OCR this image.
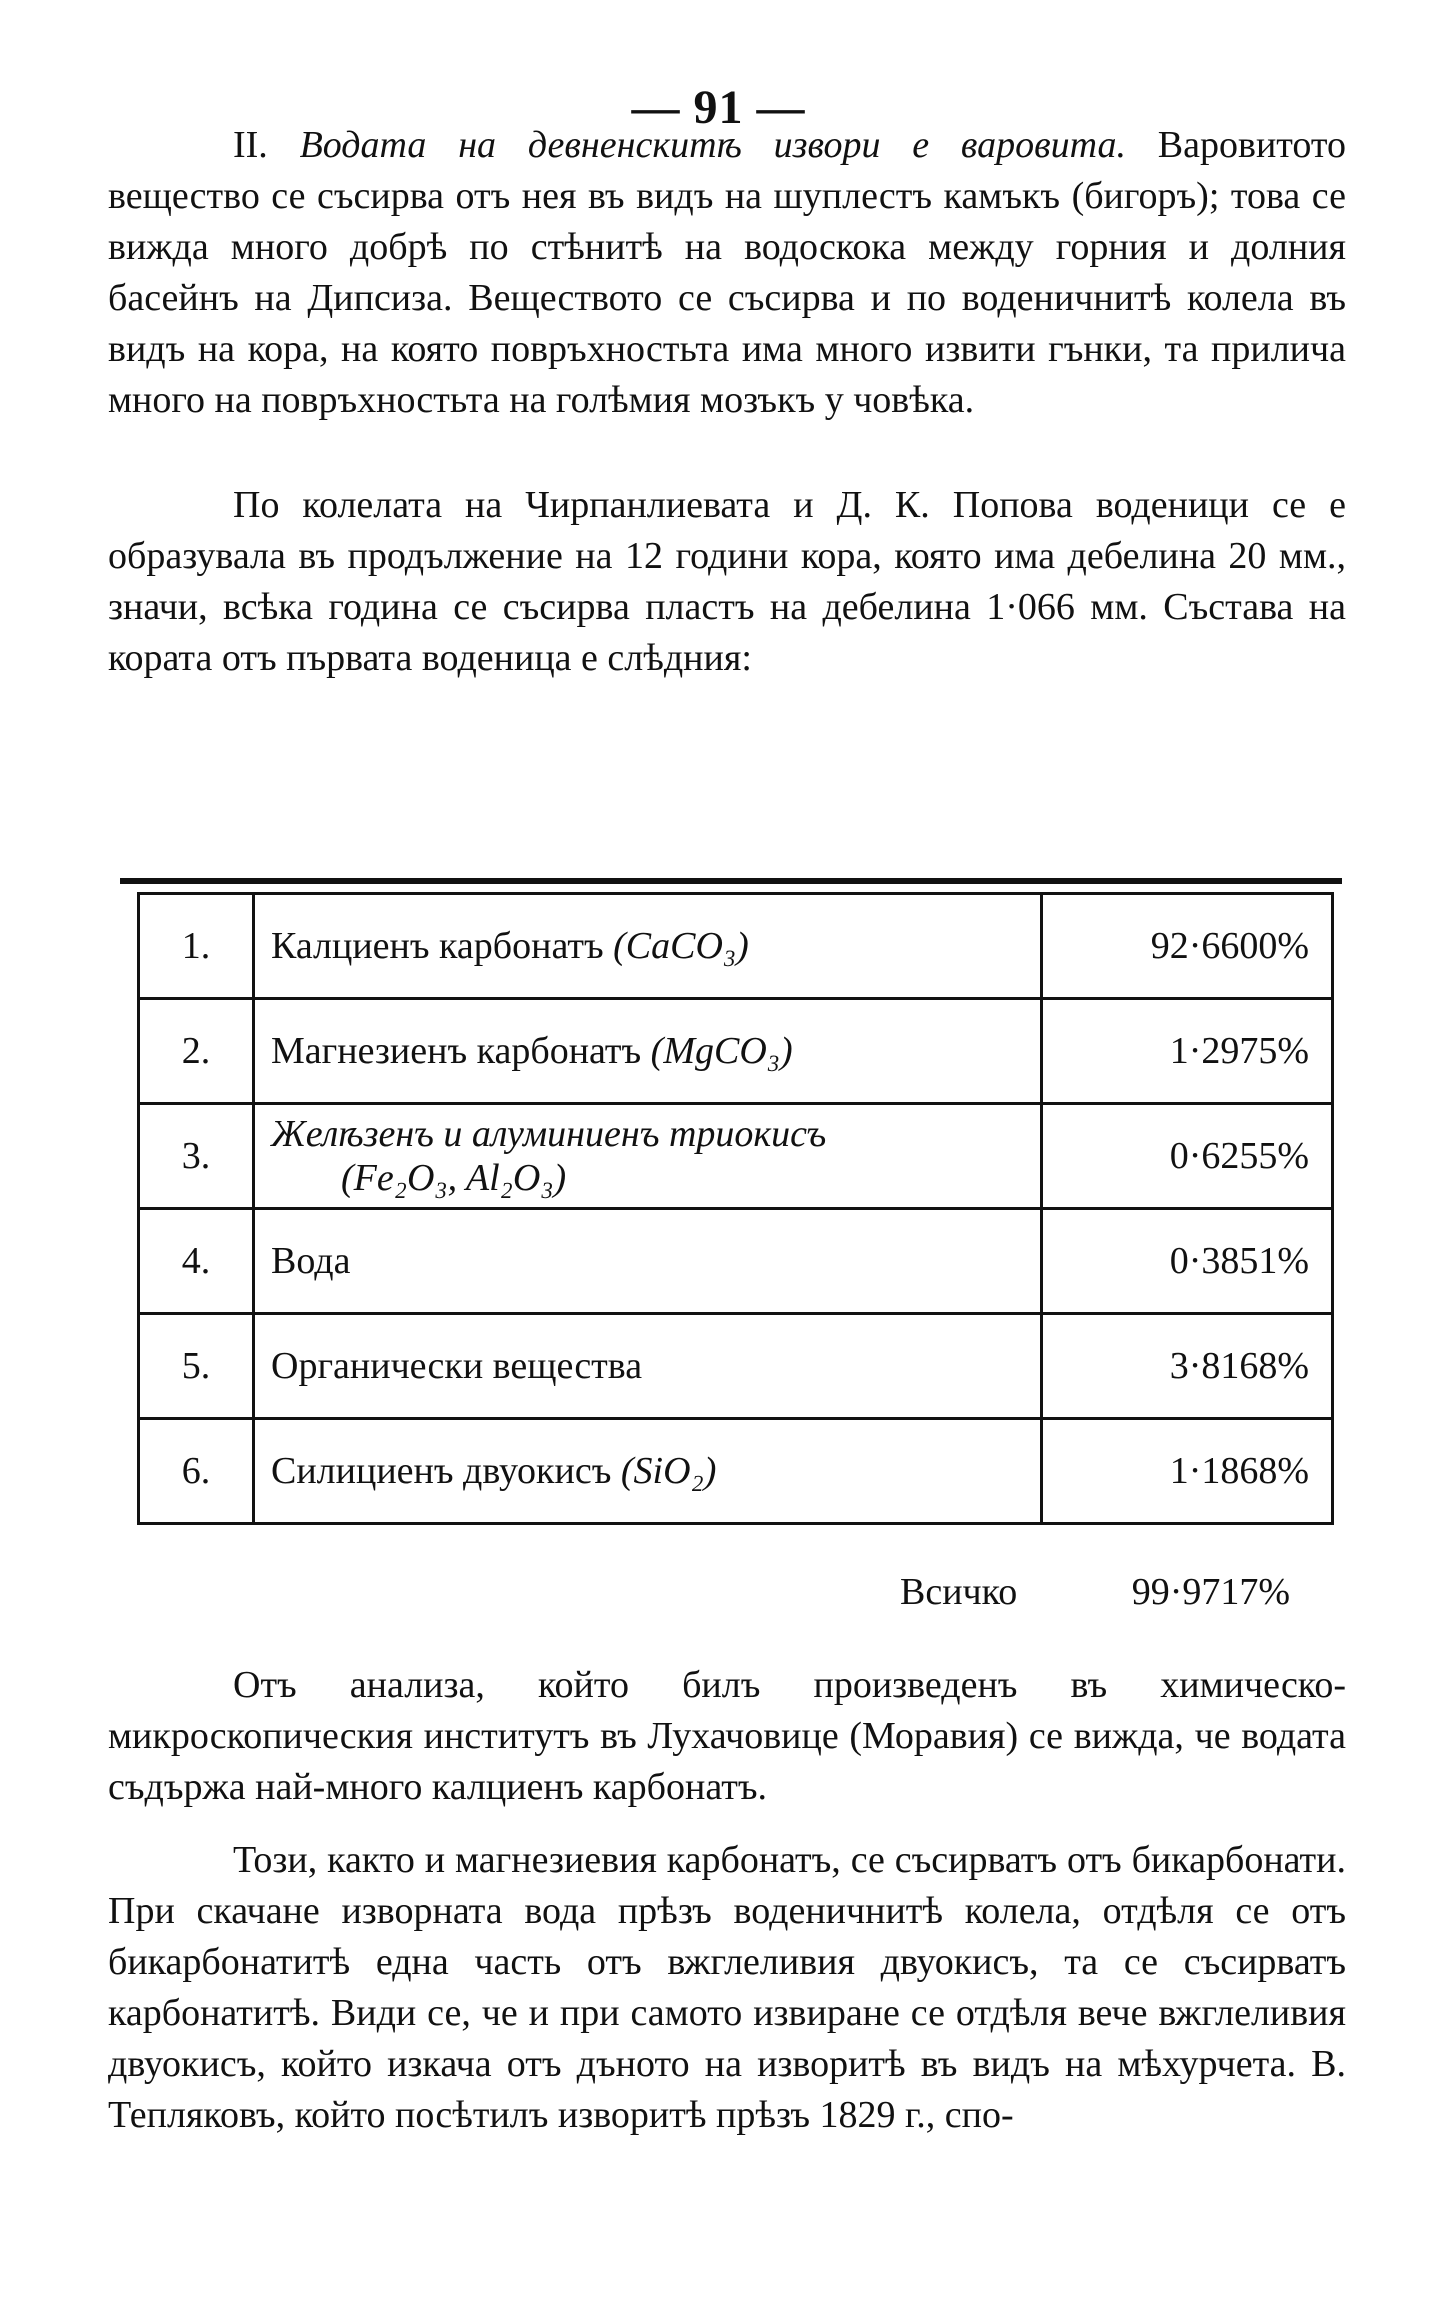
— 91 —

II. Водата на девненскитѣ извори е варовита. Варовитото вещество се съсирва отъ нея въ видъ на шуплестъ камъкъ (бигоръ); това се вижда много добрѣ по стѣнитѣ на водоскока между горния и долния басейнъ на Дипсиза. Веществото се съсирва и по воденичнитѣ колела въ видъ на кора, на която повръхностьта има много извити гънки, та прилича много на повръхностьта на голѣмия мозъкъ у човѣка.

По колелата на Чирпанлиевата и Д. К. Попова воденици се е образувала въ продължение на 12 години кора, която има дебелина 20 мм., значи, всѣка година се съсирва пластъ на дебелина 1·066 мм. Състава на кората отъ първата воденица е слѣдния:

1.	Калциенъ карбонатъ (CaCO₃)	92·6600%
2.	Магнезиенъ карбонатъ (MgCO₃)	1·2975%
3.	Желѣзенъ и алуминиенъ триокисъ
(Fe₂O₃, Al₂O₃)	0·6255%
4.	Вода	0·3851%
5.	Органически вещества	3·8168%
6.	Силициенъ двуокисъ (SiO₂)	1·1868%
Всичко	99·9717%

Отъ анализа, който билъ произведенъ въ химическо-микроскопическия институтъ въ Лухачовице (Моравия) се вижда, че водата съдържа най-много калциенъ карбонатъ.

Този, както и магнезиевия карбонатъ, се съсирватъ отъ бикарбонати. При скачане изворната вода прѣзъ воденичнитѣ колела, отдѣля се отъ бикарбонатитѣ една часть отъ вжглеливия двуокисъ, та се съсирватъ карбонатитѣ. Види се, че и при самото извиране се отдѣля вече вжглеливия двуокисъ, който изкача отъ дъното на изворитѣ въ видъ на мѣхурчета. В. Тепляковъ, който посѣтилъ изворитѣ прѣзъ 1829 г., спо-
